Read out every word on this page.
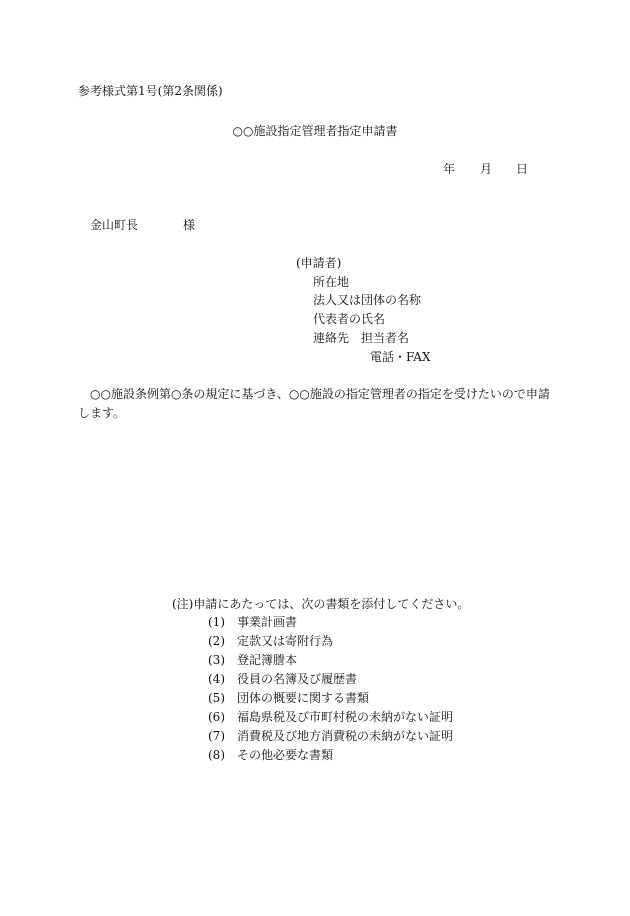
参考様式第1号(第2条関係)
○○施設指定管理者指定申請書
年 月 日
金山町長	様
(申請者)
所在地
法人又は団体の名称
代表者の氏名
連絡先　担当者名
電話・FAX

　○○施設条例第○条の規定に基づき、○○施設の指定管理者の指定を受けたいので申請します。

(注)申請にあたっては、次の書類を添付してください。
(1) 事業計画書
(2) 定款又は寄附行為
(3) 登記簿謄本
(4) 役員の名簿及び履歴書
(5) 団体の概要に関する書類
(6) 福島県税及び市町村税の未納がない証明
(7) 消費税及び地方消費税の未納がない証明
(8) その他必要な書類
